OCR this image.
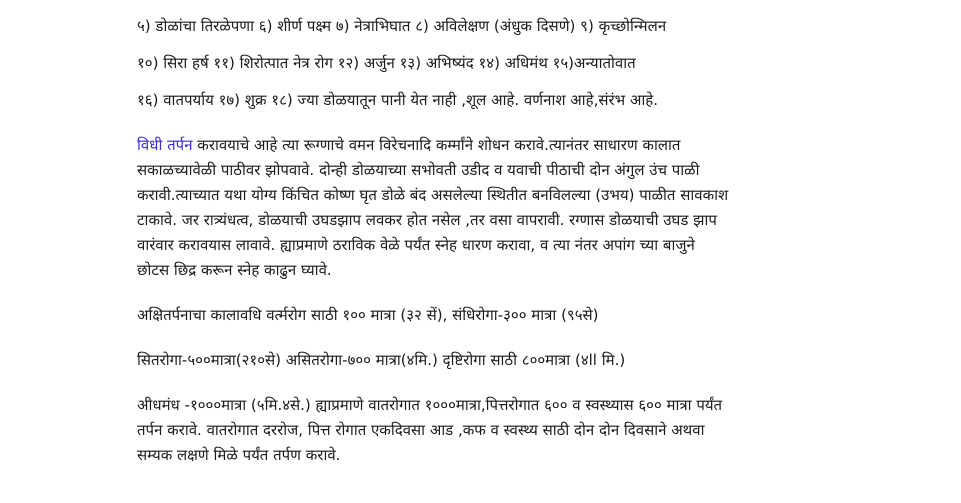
५) डोळांचा तिरळेपणा ६) शीर्ण पक्ष्म ७) नेत्राभिघात ८) अविलेक्षण (अंधुक दिसणे) ९) कृच्छोन्मिलन
१०) सिरा हर्ष ११) शिरोत्पात नेत्र रोग १२) अर्जुन १३) अभिष्यंद १४) अधिमंथ १५)अन्यातोवात
१६) वातपर्याय १७) शुक्र १८) ज्या डोळयातून पानी येत नाही ,शूल आहे. वर्णनाश आहे,संरंभ आहे.
विधी तर्पन करावयाचे आहे त्या रूग्णाचे वमन विरेचनादि कर्म्मांने शोधन करावे.त्यानंतर साधारण कालात
सकाळच्यावेळी पाठीवर झोपवावे. दोन्ही डोळयाच्या सभोवती उडीद व यवाची पीठाची दोन अंगुल उंच पाळी
करावी.त्याच्यात यथा योग्य किंचित कोष्ण घृत डोळे बंद असलेल्या स्थितीत बनविलल्या (उभय) पाळीत सावकाश
टाकावे. जर रात्र्यंधत्व, डोळयाची उघडझाप लवकर होत नसेल ,तर वसा वापरावी. रग्णास डोळयाची उघड झाप
वारंवार करावयास लावावे. ह्याप्रमाणे ठराविक वेळे पर्यंत स्नेह धारण करावा, व त्या नंतर अपांग च्या बाजुने
छोटस छिद्र करून स्नेह काढुन घ्यावे.
अक्षितर्पनाचा कालावधि वर्त्मरोग साठी १०० मात्रा (३२ सें), संधिरोगा-३०० मात्रा (९५से)
सितरोगा-५००मात्रा(२१०से) असितरोगा-७०० मात्रा(४मि.) दृष्टिरोगा साठी ८००मात्रा (४ll मि.)
अीधमंध -१०००मात्रा (५मि.४से.) ह्याप्रमाणे वातरोगात १०००मात्रा,पित्तरोगात ६०० व स्वस्थ्यास ६०० मात्रा पर्यंत
तर्पन करावे. वातरोगात दररोज, पित्त रोगात एकदिवसा आड ,कफ व स्वस्थ्य साठी दोन दोन दिवसाने अथवा
सम्यक लक्षणे मिळे पर्यंत तर्पण करावे.
